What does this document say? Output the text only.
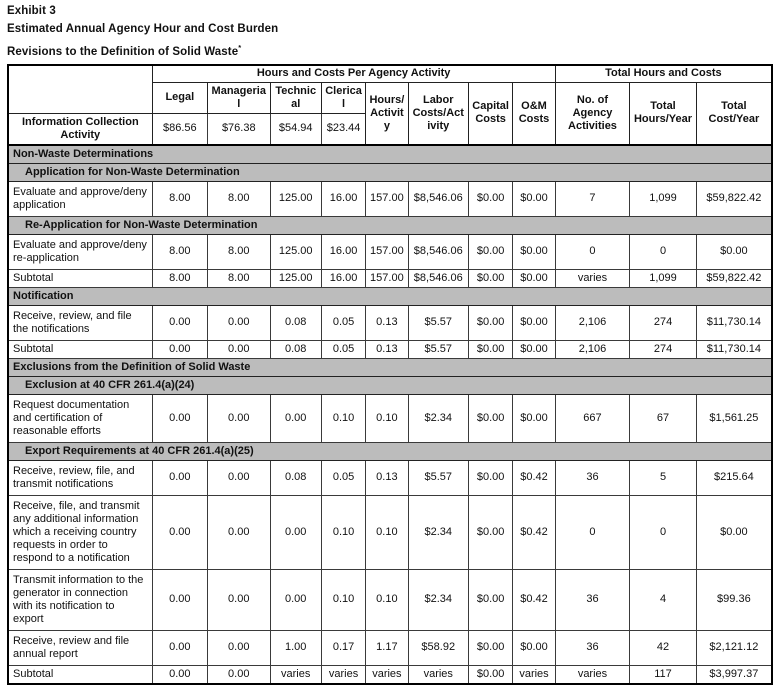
Exhibit 3
Estimated Annual Agency Hour and Cost Burden
Revisions to the Definition of Solid Waste*
	Hours and Costs Per Agency Activity								Total Hours and Costs		
	Legal	Managerial	Technical	Clerical	Hours/ Activity	Labor Costs/Activity	Capital Costs	O&M Costs	No. of Agency Activities	Total Hours/Year	Total Cost/Year
Information Collection Activity	$86.56	$76.38	$54.94	$23.44							
Non-Waste Determinations											
Application for Non-Waste Determination											
Evaluate and approve/deny application	8.00	8.00	125.00	16.00	157.00	$8,546.06	$0.00	$0.00	7	1,099	$59,822.42
Re-Application for Non-Waste Determination											
Evaluate and approve/deny re-application	8.00	8.00	125.00	16.00	157.00	$8,546.06	$0.00	$0.00	0	0	$0.00
Subtotal	8.00	8.00	125.00	16.00	157.00	$8,546.06	$0.00	$0.00	varies	1,099	$59,822.42
Notification											
Receive, review, and file the notifications	0.00	0.00	0.08	0.05	0.13	$5.57	$0.00	$0.00	2,106	274	$11,730.14
Subtotal	0.00	0.00	0.08	0.05	0.13	$5.57	$0.00	$0.00	2,106	274	$11,730.14
Exclusions from the Definition of Solid Waste											
Exclusion at 40 CFR 261.4(a)(24)											
Request documentation and certification of reasonable efforts	0.00	0.00	0.00	0.10	0.10	$2.34	$0.00	$0.00	667	67	$1,561.25
Export Requirements at 40 CFR 261.4(a)(25)											
Receive, review, file, and transmit notifications	0.00	0.00	0.08	0.05	0.13	$5.57	$0.00	$0.42	36	5	$215.64
Receive, file, and transmit any additional information which a receiving country requests in order to respond to a notification	0.00	0.00	0.00	0.10	0.10	$2.34	$0.00	$0.42	0	0	$0.00
Transmit information to the generator in connection with its notification to export	0.00	0.00	0.00	0.10	0.10	$2.34	$0.00	$0.42	36	4	$99.36
Receive, review and file annual report	0.00	0.00	1.00	0.17	1.17	$58.92	$0.00	$0.00	36	42	$2,121.12
Subtotal	0.00	0.00	varies	varies	varies	varies	$0.00	varies	varies	117	$3,997.37
